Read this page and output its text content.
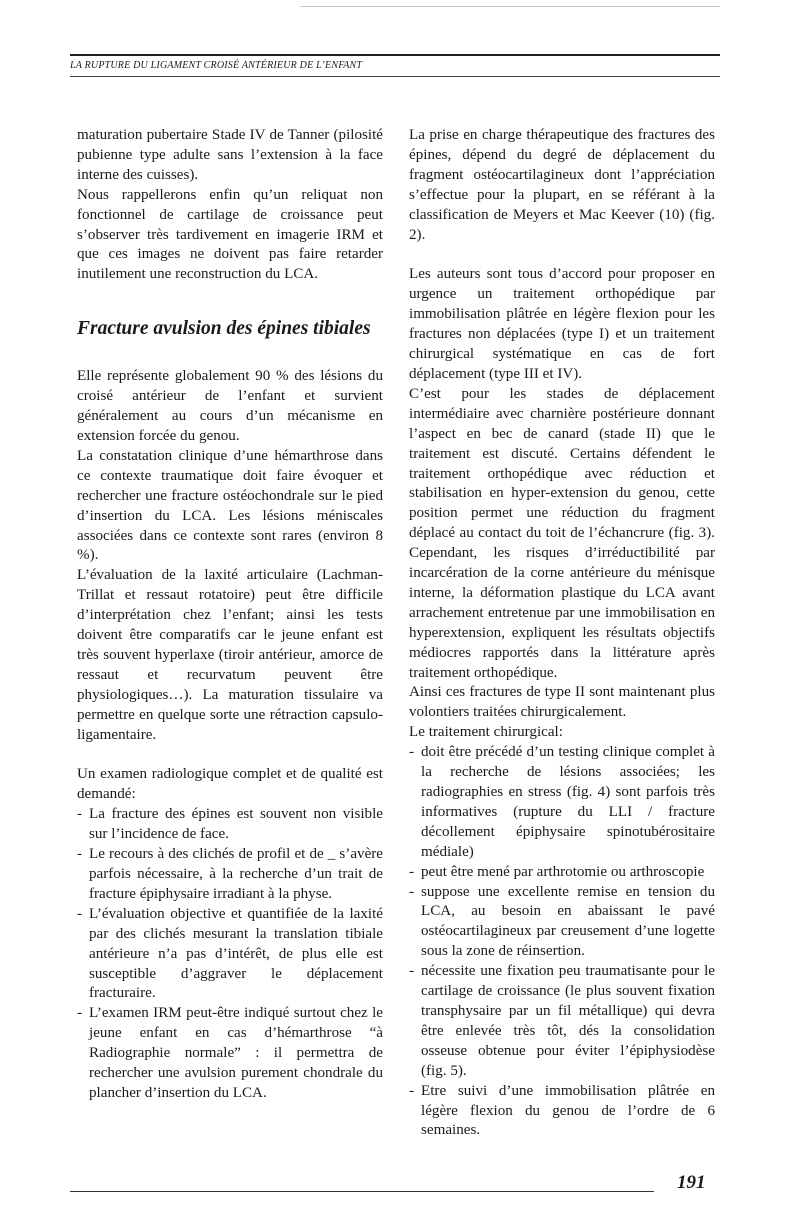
LA RUPTURE DU LIGAMENT CROISÉ ANTÉRIEUR DE L’ENFANT

maturation pubertaire Stade IV de Tanner (pilosité pubienne type adulte sans l’extension à la face interne des cuisses).

Nous rappellerons enfin qu’un reliquat non fonctionnel de cartilage de croissance peut s’observer très tardivement en imagerie IRM et que ces images ne doivent pas faire retarder inutilement une reconstruction du LCA.

Fracture avulsion des épines tibiales

Elle représente globalement 90 % des lésions du croisé antérieur de l’enfant et survient généralement au cours d’un mécanisme en extension forcée du genou.

La constatation clinique d’une hémarthrose dans ce contexte traumatique doit faire évoquer et rechercher une fracture ostéochondrale sur le pied d’insertion du LCA. Les lésions méniscales associées dans ce contexte sont rares (environ 8 %).

L’évaluation de la laxité articulaire (Lachman-Trillat et ressaut rotatoire) peut être difficile d’interprétation chez l’enfant; ainsi les tests doivent être comparatifs car le jeune enfant est très souvent hyperlaxe (tiroir antérieur, amorce de ressaut et recurvatum peuvent être physiologiques…). La maturation tissulaire va permettre en quelque sorte une rétraction capsulo-ligamentaire.

Un examen radiologique complet et de qualité est demandé:

- La fracture des épines est souvent non visible sur l’incidence de face.
- Le recours à des clichés de profil et de _ s’avère parfois nécessaire, à la recherche d’un trait de fracture épiphysaire irradiant à la physe.
- L’évaluation objective et quantifiée de la laxité par des clichés mesurant la translation tibiale antérieure n’a pas d’intérêt, de plus elle est susceptible d’aggraver le déplacement fracturaire.
- L’examen IRM peut-être indiqué surtout chez le jeune enfant en cas d’hémarthrose “à Radiographie normale” : il permettra de rechercher une avulsion purement chondrale du plancher d’insertion du LCA.

La prise en charge thérapeutique des fractures des épines, dépend du degré de déplacement du fragment ostéocartilagineux dont l’appréciation s’effectue pour la plupart, en se référant à la classification de Meyers et Mac Keever (10) (fig. 2).

Les auteurs sont tous d’accord pour proposer en urgence un traitement orthopédique par immobilisation plâtrée en légère flexion pour les fractures non déplacées (type I) et un traitement chirurgical systématique en cas de fort déplacement (type III et IV).

C’est pour les stades de déplacement intermédiaire avec charnière postérieure donnant l’aspect en bec de canard (stade II) que le traitement est discuté. Certains défendent le traitement orthopédique avec réduction et stabilisation en hyper-extension du genou, cette position permet une réduction du fragment déplacé au contact du toit de l’échancrure (fig. 3). Cependant, les risques d’irréductibilité par incarcération de la corne antérieure du ménisque interne, la déformation plastique du LCA avant arrachement entretenue par une immobilisation en hyperextension, expliquent les résultats objectifs médiocres rapportés dans la littérature après traitement orthopédique.

Ainsi ces fractures de type II sont maintenant plus volontiers traitées chirurgicalement.

Le traitement chirurgical:

- doit être précédé d’un testing clinique complet à la recherche de lésions associées; les radiographies en stress (fig. 4) sont parfois très informatives (rupture du LLI / fracture décollement épiphysaire spinotubérositaire médiale)
- peut être mené par arthrotomie ou arthroscopie
- suppose une excellente remise en tension du LCA, au besoin en abaissant le pavé ostéocartilagineux par creusement d’une logette sous la zone de réinsertion.
- nécessite une fixation peu traumatisante pour le cartilage de croissance (le plus souvent fixation transphysaire par un fil métallique) qui devra être enlevée très tôt, dés la consolidation osseuse obtenue pour éviter l’épiphysiodèse (fig. 5).
- Etre suivi d’une immobilisation plâtrée en légère flexion du genou de l’ordre de 6 semaines.
191
